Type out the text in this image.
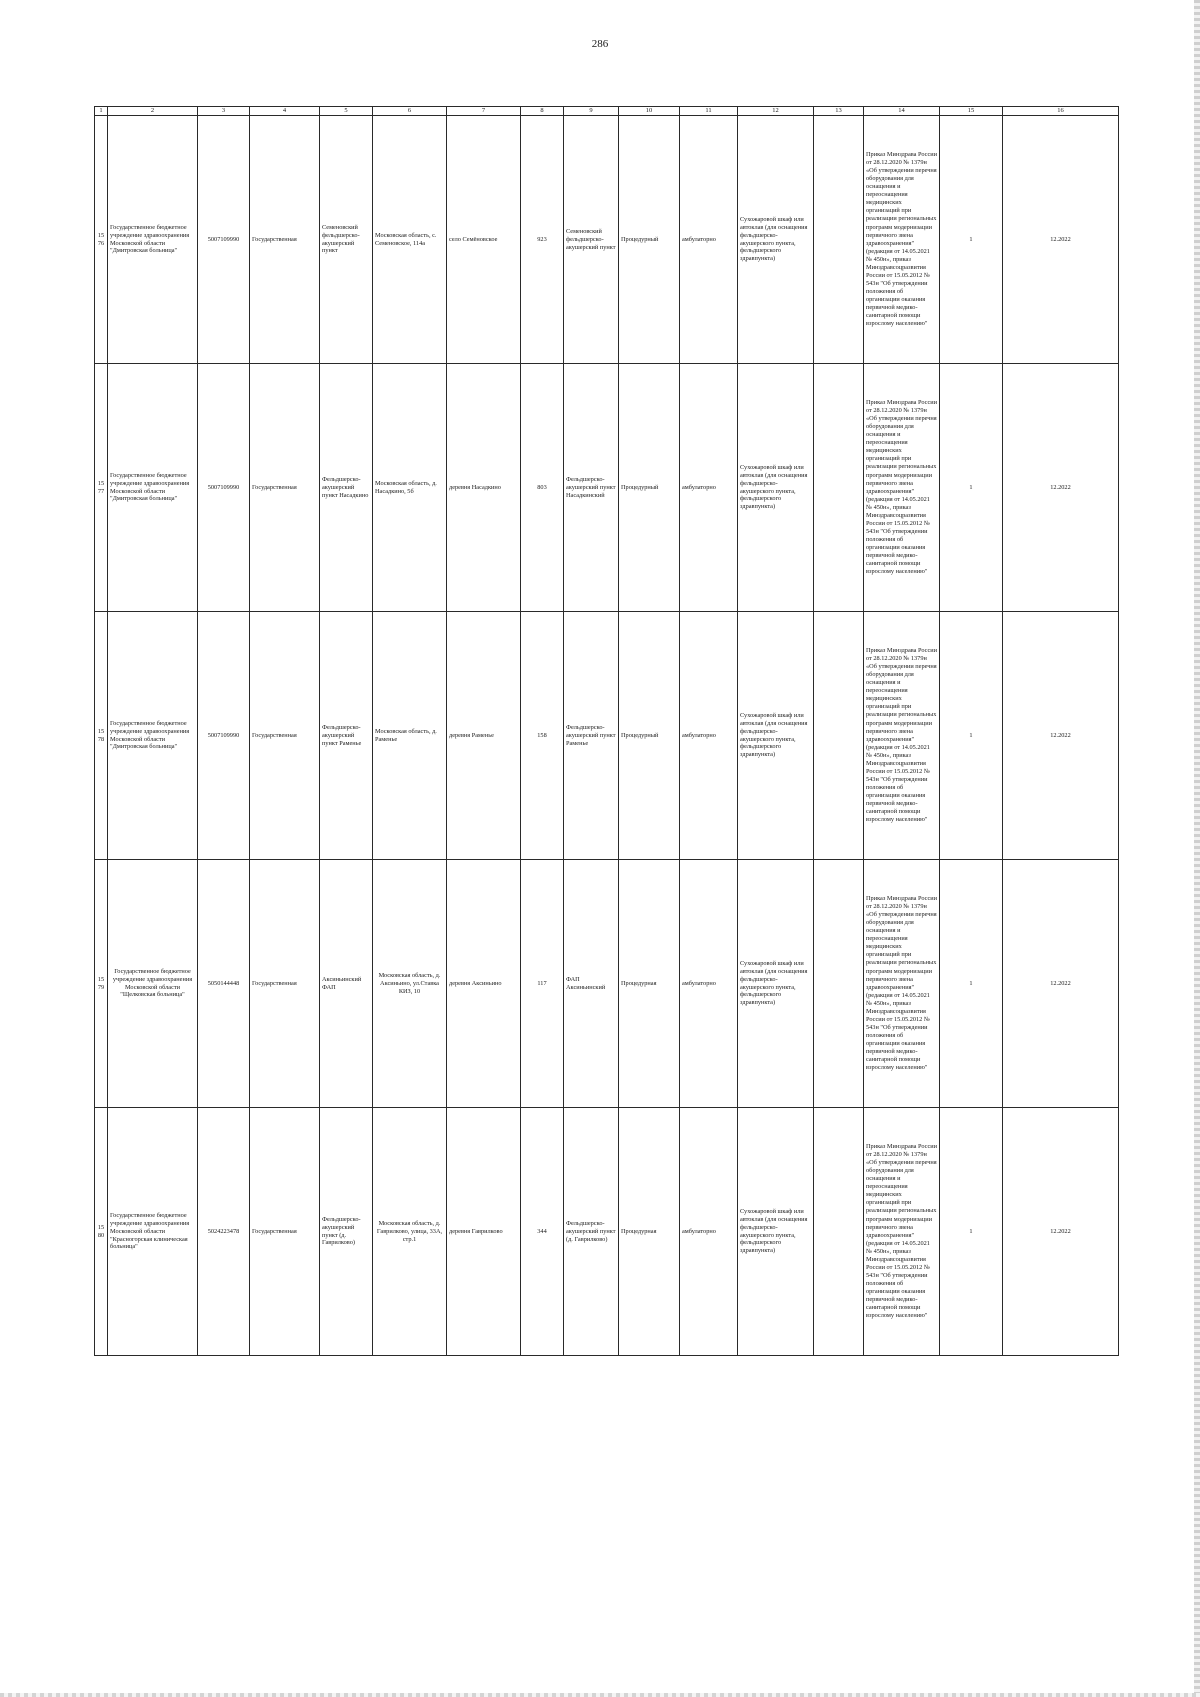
286
1	2	3	4	5	6	7	8	9	10	11	12	13	14	15	16
1576	Государственное бюджетное учреждение здравоохранения Московской области "Дмитровская больница"	5007109990	Государственная	Семеновский фельдшерско-акушерский пункт	Московская область, с. Семеновское, 114а	село Семёновское	923	Семеновский фельдшерско-акушерский пункт	Процедурный	амбулаторно	Сухожаровой шкаф или автоклав (для оснащения фельдшерско-акушерского пункта, фельдшерского здравпункта)		Приказ Минздрава России от 28.12.2020 № 1379н «Об утверждении перечня оборудования для оснащения и переоснащения медицинских организаций при реализации региональных программ модернизации первичного звена здравоохранения"(редакция от 14.05.2021 № 450н», приказ Минздравсоцразвития России от 15.05.2012 № 543н "Об утверждении положения об организации оказания первичной медико-санитарной помощи взрослому населению"	1	12.2022
1577	Государственное бюджетное учреждение здравоохранения Московской области "Дмитровская больница"	5007109990	Государственная	Фельдшерско-акушерский пункт Насадкино	Московская область, д. Насадкино, 5б	деревня Насадкино	803	Фельдшерско-акушерский пункт Насадкинский	Процедурный	амбулаторно	Сухожаровой шкаф или автоклав (для оснащения фельдшерско-акушерского пункта, фельдшерского здравпункта)		Приказ Минздрава России от 28.12.2020 № 1379н «Об утверждении перечня оборудования для оснащения и переоснащения медицинских организаций при реализации региональных программ модернизации первичного звена здравоохранения"(редакция от 14.05.2021 № 450н», приказ Минздравсоцразвития России от 15.05.2012 № 543н "Об утверждении положения об организации оказания первичной медико-санитарной помощи взрослому населению"	1	12.2022
1578	Государственное бюджетное учреждение здравоохранения Московской области "Дмитровская больница"	5007109990	Государственная	Фельдшерско-акушерский пункт Раменье	Московская область, д. Раменье	деревня Раменье	158	Фельдшерско-акушерский пункт Раменье	Процедурный	амбулаторно	Сухожаровой шкаф или автоклав (для оснащения фельдшерско-акушерского пункта, фельдшерского здравпункта)		Приказ Минздрава России от 28.12.2020 № 1379н «Об утверждении перечня оборудования для оснащения и переоснащения медицинских организаций при реализации региональных программ модернизации первичного звена здравоохранения"(редакция от 14.05.2021 № 450н», приказ Минздравсоцразвития России от 15.05.2012 № 543н "Об утверждении положения об организации оказания первичной медико-санитарной помощи взрослому населению"	1	12.2022
1579	Государственное бюджетное учреждение здравоохранения Московской области "Щелковская больница"	5050144448	Государственная	Аксиньинский ФАП	Московская область, д. Аксиньино, ул.Ставка КИЗ, 10	деревня Аксиньино	117	ФАП Аксиньинский	Процедурная	амбулаторно	Сухожаровой шкаф или автоклав (для оснащения фельдшерско-акушерского пункта, фельдшерского здравпункта)		Приказ Минздрава России от 28.12.2020 № 1379н «Об утверждении перечня оборудования для оснащения и переоснащения медицинских организаций при реализации региональных программ модернизации первичного звена здравоохранения"(редакция от 14.05.2021 № 450н», приказ Минздравсоцразвития России от 15.05.2012 № 543н "Об утверждении положения об организации оказания первичной медико-санитарной помощи взрослому населению"	1	12.2022
1580	Государственное бюджетное учреждение здравоохранения Московской области "Красногорская клиническая больница"	5024223478	Государственная	Фельдшерско-акушерский пункт (д. Гаврилково)	Московская область, д. Гаврилково, улица, 33А, стр.1	деревня Гаврилково	344	Фельдшерско-акушерский пункт (д. Гаврилково)	Процедурная	амбулаторно	Сухожаровой шкаф или автоклав (для оснащения фельдшерско-акушерского пункта, фельдшерского здравпункта)		Приказ Минздрава России от 28.12.2020 № 1379н «Об утверждении перечня оборудования для оснащения и переоснащения медицинских организаций при реализации региональных программ модернизации первичного звена здравоохранения"(редакция от 14.05.2021 № 450н», приказ Минздравсоцразвития России от 15.05.2012 № 543н "Об утверждении положения об организации оказания первичной медико-санитарной помощи взрослому населению"	1	12.2022
